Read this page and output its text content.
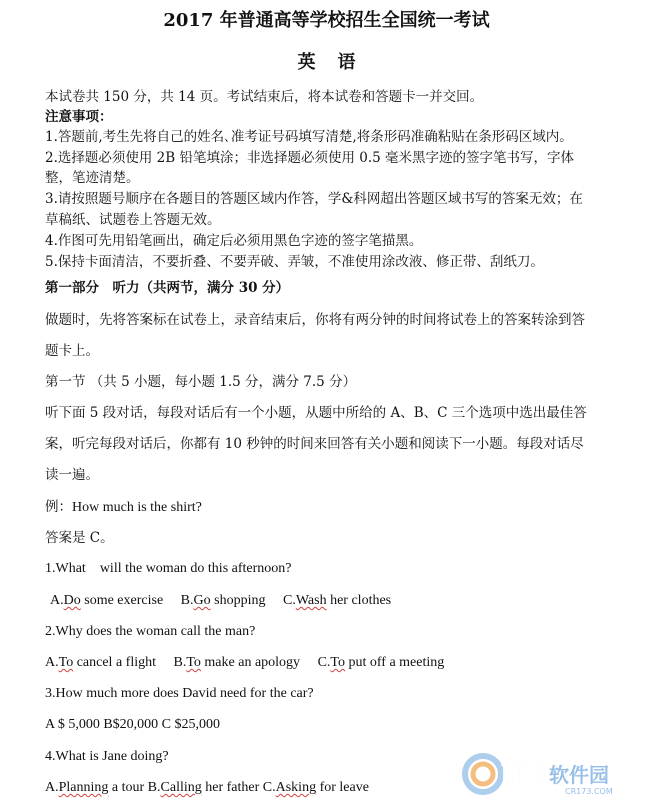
2017 年普通高等学校招生全国统一考试
英语
本试卷共 150 分，共 14 页。考试结束后，将本试卷和答题卡一并交回。
注意事项：
1.答题前,考生先将自己的姓名､准考证号码填写清楚,将条形码准确粘贴在条形码区域内｡
2.选择题必须使用 2B 铅笔填涂；非选择题必须使用 0.5 毫米黑字迹的签字笔书写，字体
整，笔迹清楚。
3.请按照题号顺序在各题目的答题区域内作答，学&科网超出答题区域书写的答案无效；在
草稿纸、试题卷上答题无效。
4.作图可先用铅笔画出，确定后必须用黑色字迹的签字笔描黑。
5.保持卡面清洁，不要折叠、不要弄破、弄皱，不准使用涂改液、修正带、刮纸刀。
第一部分　听力（共两节，满分 30 分）
做题时，先将答案标在试卷上，录音结束后，你将有两分钟的时间将试卷上的答案转涂到答
题卡上。
第一节 （共 5 小题，每小题 1.5 分，满分 7.5 分）
听下面 5 段对话，每段对话后有一个小题，从题中所给的 A、B、C 三个选项中选出最佳答
案，听完每段对话后，你都有 10 秒钟的时间来回答有关小题和阅读下一小题。每段对话尽
读一遍。
例：How much is the shirt?
答案是 C。
1.What    will the woman do this afternoon?
A.Do some exercise B.Go shopping C.Wash her clothes
2.Why does the woman call the man?
A.To cancel a flight B.To make an apology C.To put off a meeting
3.How much more does David need for the car?
A $ 5,000 B$20,000 C $25,000
4.What is Jane doing?
A.Planning a tour B.Calling her father C.Asking for leave	西西 软件园
CR173.COM
